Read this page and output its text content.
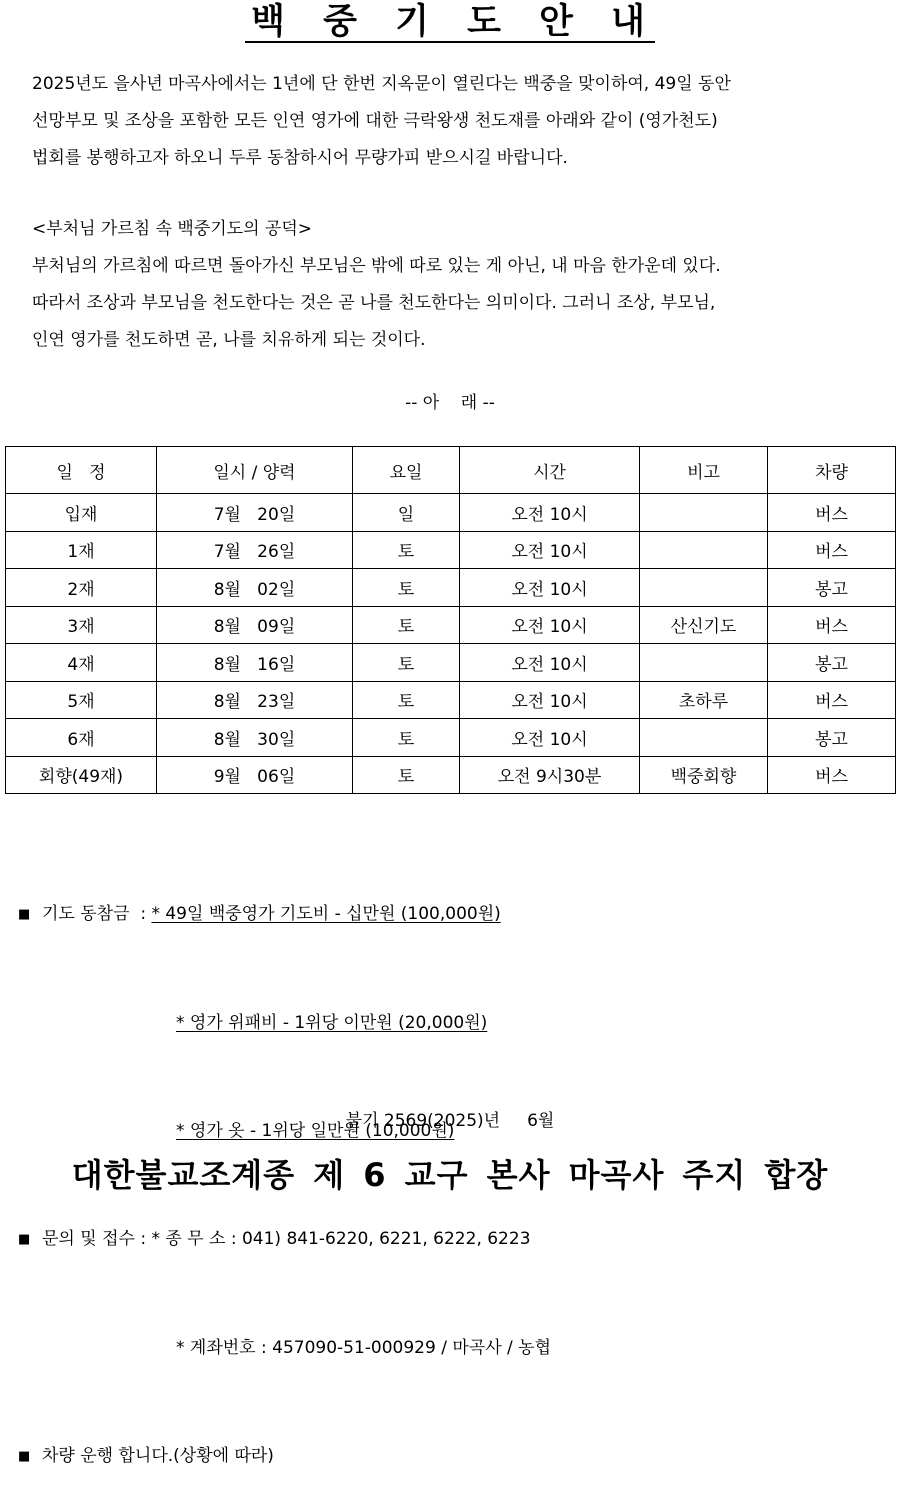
백 중 기 도 안 내
2025년도 을사년 마곡사에서는 1년에 단 한번 지옥문이 열린다는 백중을 맞이하여, 49일 동안
선망부모 및 조상을 포함한 모든 인연 영가에 대한 극락왕생 천도재를 아래와 같이 (영가천도)
법회를 봉행하고자 하오니 두루 동참하시어 무량가피 받으시길 바랍니다.
<부처님 가르침 속 백중기도의 공덕>
부처님의 가르침에 따르면 돌아가신 부모님은 밖에 따로 있는 게 아닌, 내 마음 한가운데 있다.
따라서 조상과 부모님을 천도한다는 것은 곧 나를 천도한다는 의미이다. 그러니 조상, 부모님,
인연 영가를 천도하면 곧, 나를 치유하게 되는 것이다.
-- 아    래 --
일   정	일시 / 양력	요일	시간	비고	차량
입재	7월   20일	일	오전 10시		버스
1재	7월   26일	토	오전 10시		버스
2재	8월   02일	토	오전 10시		봉고
3재	8월   09일	토	오전 10시	산신기도	버스
4재	8월   16일	토	오전 10시		봉고
5재	8월   23일	토	오전 10시	초하루	버스
6재	8월   30일	토	오전 10시		봉고
회향(49재)	9월   06일	토	오전 9시30분	백중회향	버스

■ 기도 동참금  : * 49일 백중영가 기도비 - 십만원 (100,000원)

* 영가 위패비 - 1위당 이만원 (20,000원)

* 영가 옷 - 1위당 일만원 (10,000원)

■ 문의 및 접수 : * 종 무 소 : 041) 841-6220, 6221, 6222, 6223

* 계좌번호 : 457090-51-000929 / 마곡사 / 농협

■ 차량 운행 합니다.(상황에 따라)

불기 2569(2025)년     6월
대한불교조계종 제 6 교구 본사 마곡사 주지 합장
